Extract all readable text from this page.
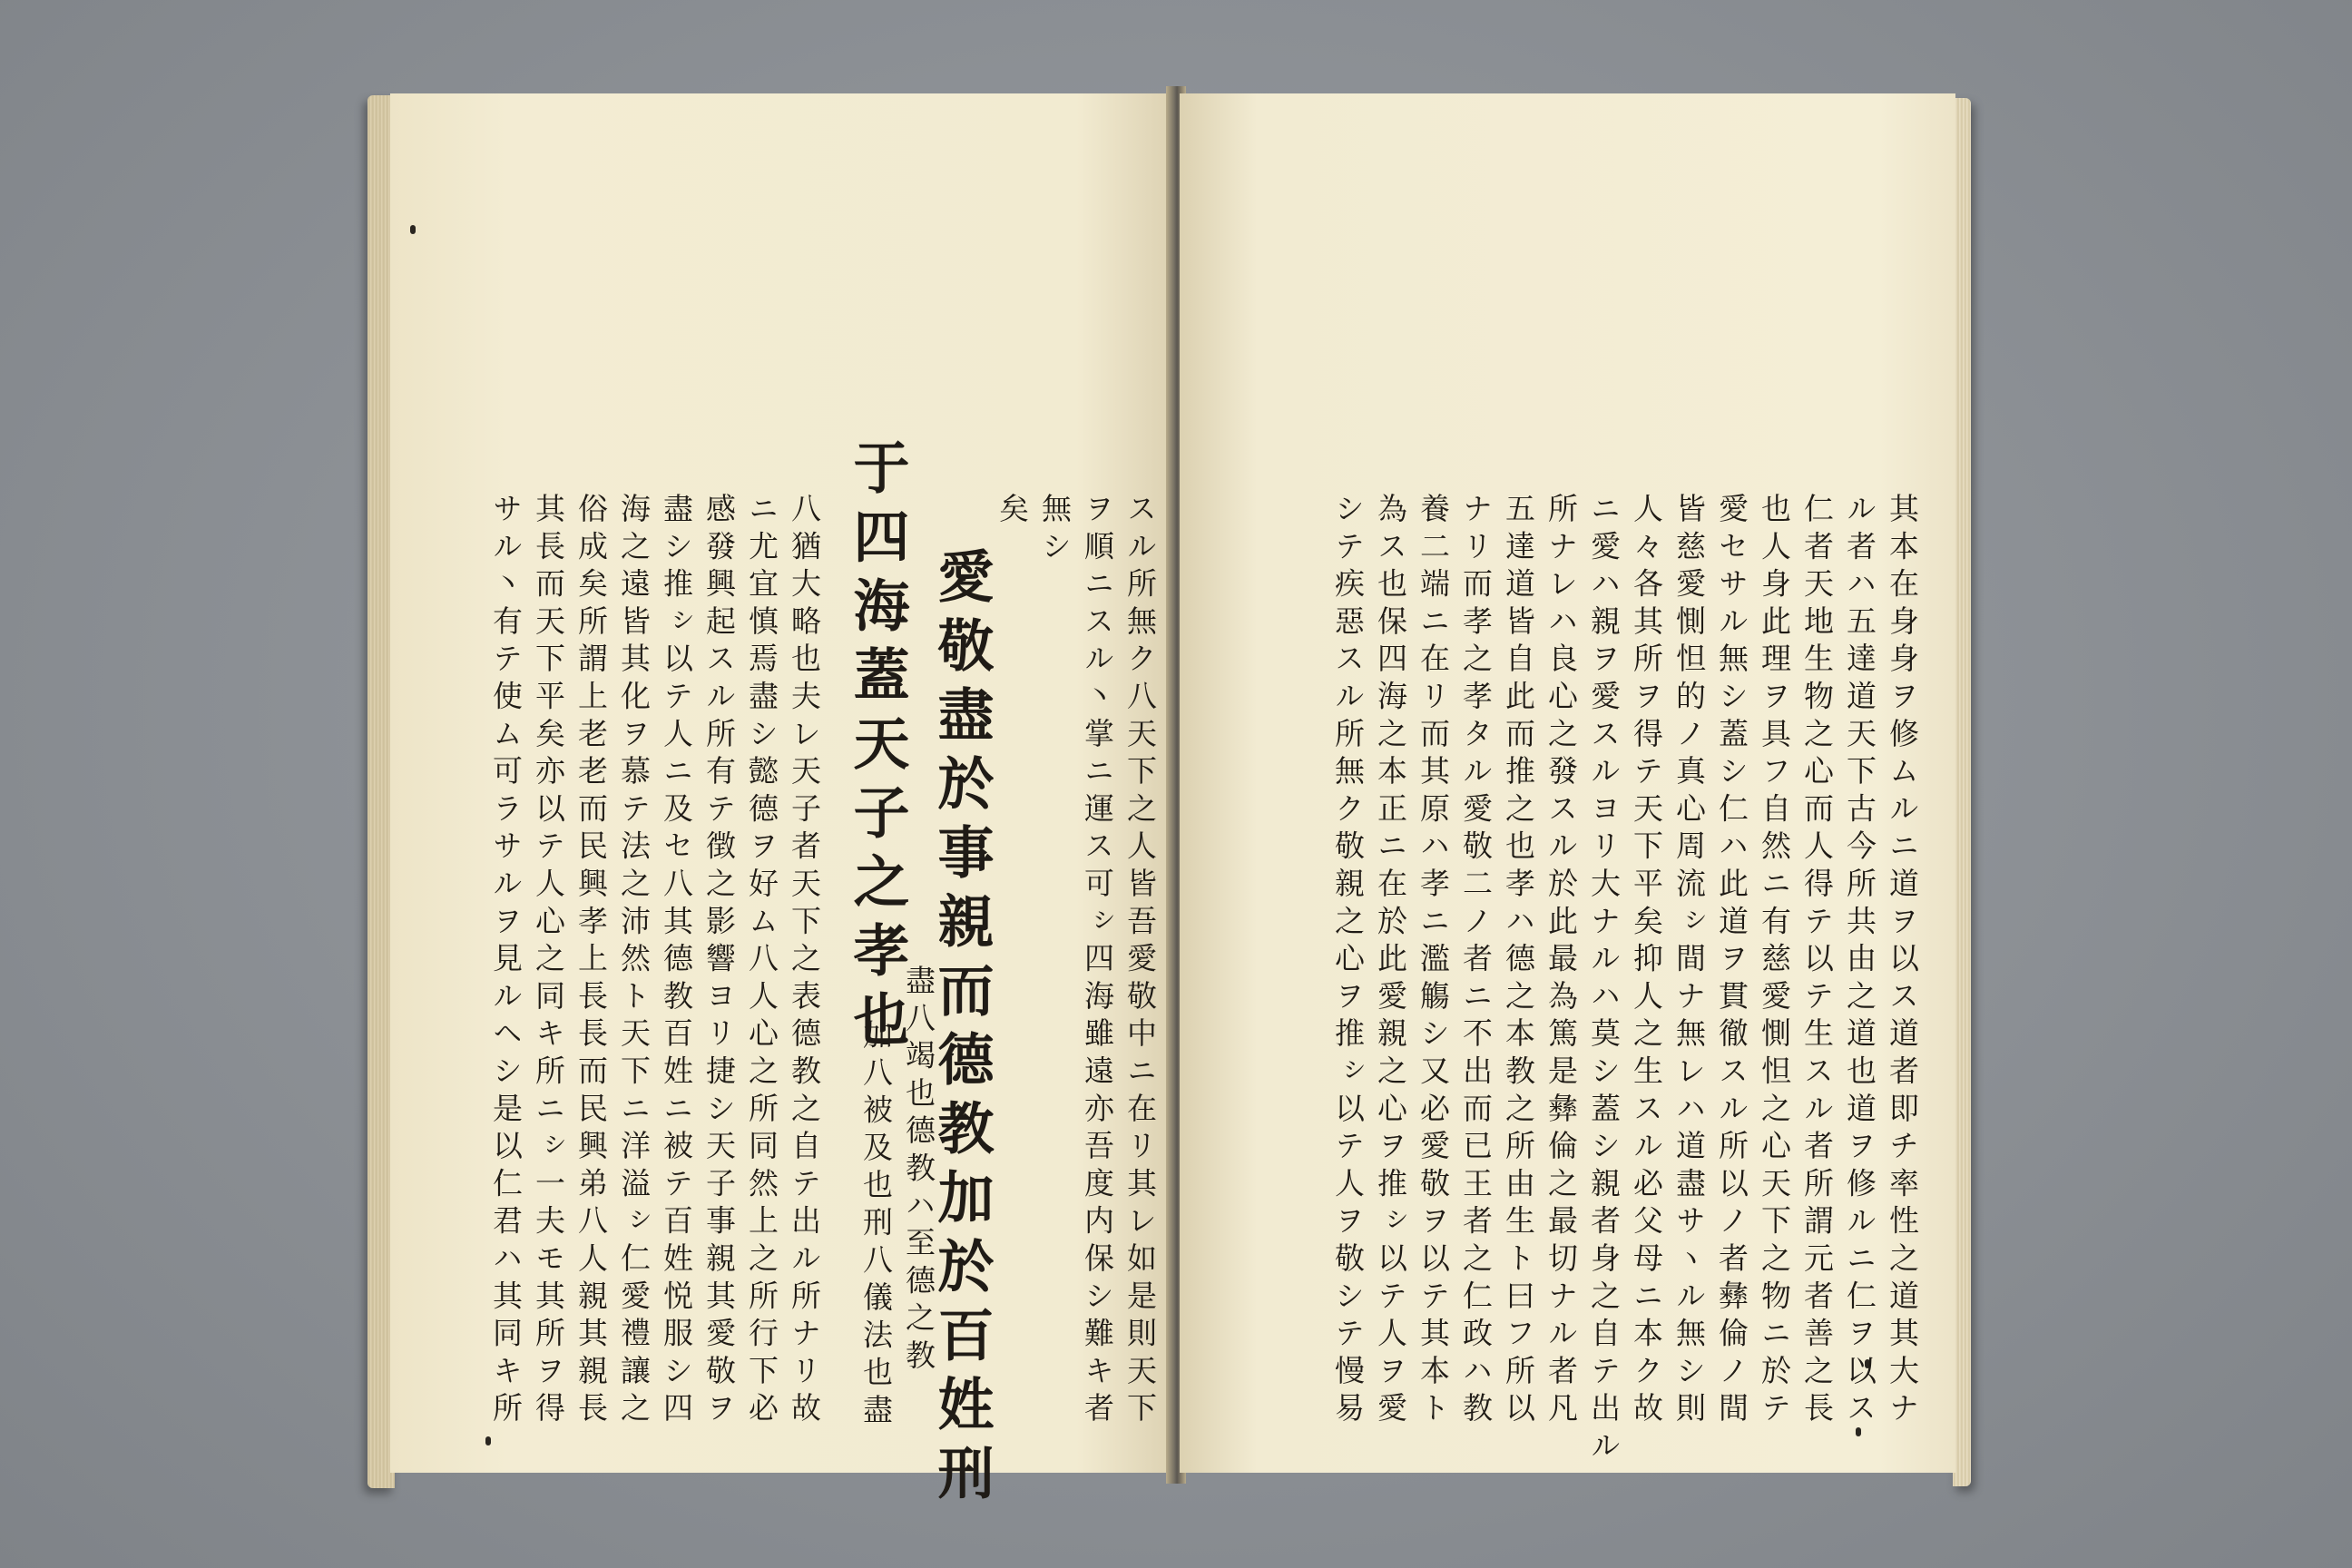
スル所無ク八天下之人皆吾愛敬中ニ在リ其レ如是則天下
ヲ順ニスル丶掌ニ運ス可ㇱ四海雖遠亦吾度内保シ難キ者
無シ
矣
愛敬盡於事親而德教加於百姓刑
盡八竭也德教ハ至德之教
加八被及也刑八儀法也盡
于四海蓋天子之孝也
八猶大略也夫レ天子者天下之表德教之自テ出ル所ナリ故
ニ尤宜慎焉盡シ懿德ヲ好ム八人心之所同然上之所行下必
感發興起スル所有テ徴之影響ヨリ捷シ天子事親其愛敬ヲ
盡シ推ㇱ以テ人ニ及セ八其德教百姓ニ被テ百姓悦服シ四
海之遠皆其化ヲ慕テ法之沛然ト天下ニ洋溢ㇱ仁愛禮讓之
俗成矣所謂上老老而民興孝上長長而民興弟八人親其親長
其長而天下平矣亦以テ人心之同キ所ニㇱ一夫モ其所ヲ得
サル丶有テ使ム可ラサルヲ見ルヘシ是以仁君ハ其同キ所	其本在身身ヲ修ムルニ道ヲ以ス道者即チ率性之道其大ナ
ル者ハ五達道天下古今所共由之道也道ヲ修ルニ仁ヲ以ス
仁者天地生物之心而人得テ以テ生スル者所謂元者善之長
也人身此理ヲ具フ自然ニ有慈愛惻怛之心天下之物ニ於テ
愛セサル無シ蓋シ仁ハ此道ヲ貫徹スル所以ノ者彝倫ノ間
皆慈愛惻怛的ノ真心周流ㇱ間ナ無レハ道盡サヽル無シ則
人々各其所ヲ得テ天下平矣抑人之生スル必父母ニ本ク故
ニ愛ハ親ヲ愛スルヨリ大ナルハ莫シ蓋シ親者身之自テ出ル
所ナレハ良心之發スル於此最為篤是彝倫之最切ナル者凡
五達道皆自此而推之也孝ハ德之本教之所由生ト曰フ所以
ナリ而孝之孝タル愛敬二ノ者ニ不出而已王者之仁政ハ教
養二端ニ在リ而其原ハ孝ニ濫觴シ又必愛敬ヲ以テ其本ト
為ス也保四海之本正ニ在於此愛親之心ヲ推ㇱ以テ人ヲ愛
シテ疾惡スル所無ク敬親之心ヲ推ㇱ以テ人ヲ敬シテ慢易
